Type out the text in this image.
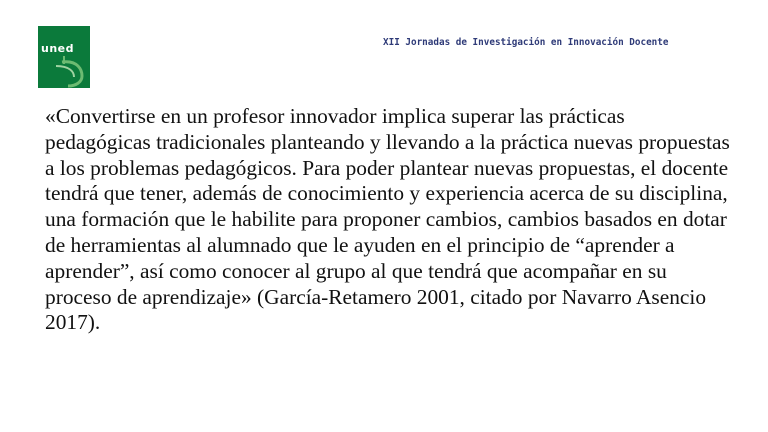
uned	XII Jornadas de Investigación en Innovación Docente

«Convertirse en un profesor innovador implica superar las prácticas pedagógicas tradicionales planteando y llevando a la práctica nuevas propuestas a los problemas pedagógicos. Para poder plantear nuevas propuestas, el docente tendrá que tener, además de conocimiento y experiencia acerca de su disciplina, una formación que le habilite para proponer cambios, cambios basados en dotar de herramientas al alumnado que le ayuden en el principio de “aprender a aprender”, así como conocer al grupo al que tendrá que acompañar en su proceso de aprendizaje» (García-Retamero 2001, citado por Navarro Asencio 2017).
